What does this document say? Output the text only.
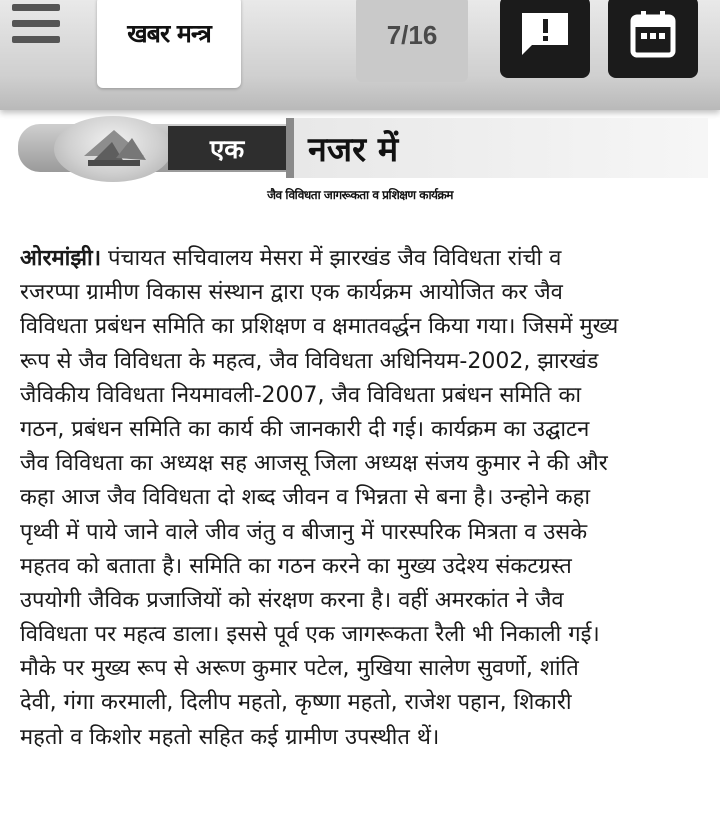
खबर मन्त्र	7/16
एक नजर में
जैव विविधता जागरूकता व प्रशिक्षण कार्यक्रम
ओरमांझी। पंचायत सचिवालय मेसरा में झारखंड जैव विविधता रांची व
रजरप्पा ग्रामीण विकास संस्थान द्वारा एक कार्यक्रम आयोजित कर जैव
विविधता प्रबंधन समिति का प्रशिक्षण व क्षमातवर्द्धन किया गया। जिसमें मुख्य
रूप से जैव विविधता के महत्व, जैव विविधता अधिनियम-2002, झारखंड
जैविकीय विविधता नियमावली-2007, जैव विविधता प्रबंधन समिति का
गठन, प्रबंधन समिति का कार्य की जानकारी दी गई। कार्यक्रम का उद्घाटन
जैव विविधता का अध्यक्ष सह आजसू जिला अध्यक्ष संजय कुमार ने की और
कहा आज जैव विविधता दो शब्द जीवन व भिन्नता से बना है। उन्होने कहा
पृथ्वी में पाये जाने वाले जीव जंतु व बीजानु में पारस्परिक मित्रता व उसके
महतव को बताता है। समिति का गठन करने का मुख्य उदेश्य संकटग्रस्त
उपयोगी जैविक प्रजाजियों को संरक्षण करना है। वहीं अमरकांत ने जैव
विविधता पर महत्व डाला। इससे पूर्व एक जागरूकता रैली भी निकाली गई।
मौके पर मुख्य रूप से अरूण कुमार पटेल, मुखिया सालेण सुवर्णो, शांति
देवी, गंगा करमाली, दिलीप महतो, कृष्णा महतो, राजेश पहान, शिकारी
महतो व किशोर महतो सहित कई ग्रामीण उपस्थीत थें।
